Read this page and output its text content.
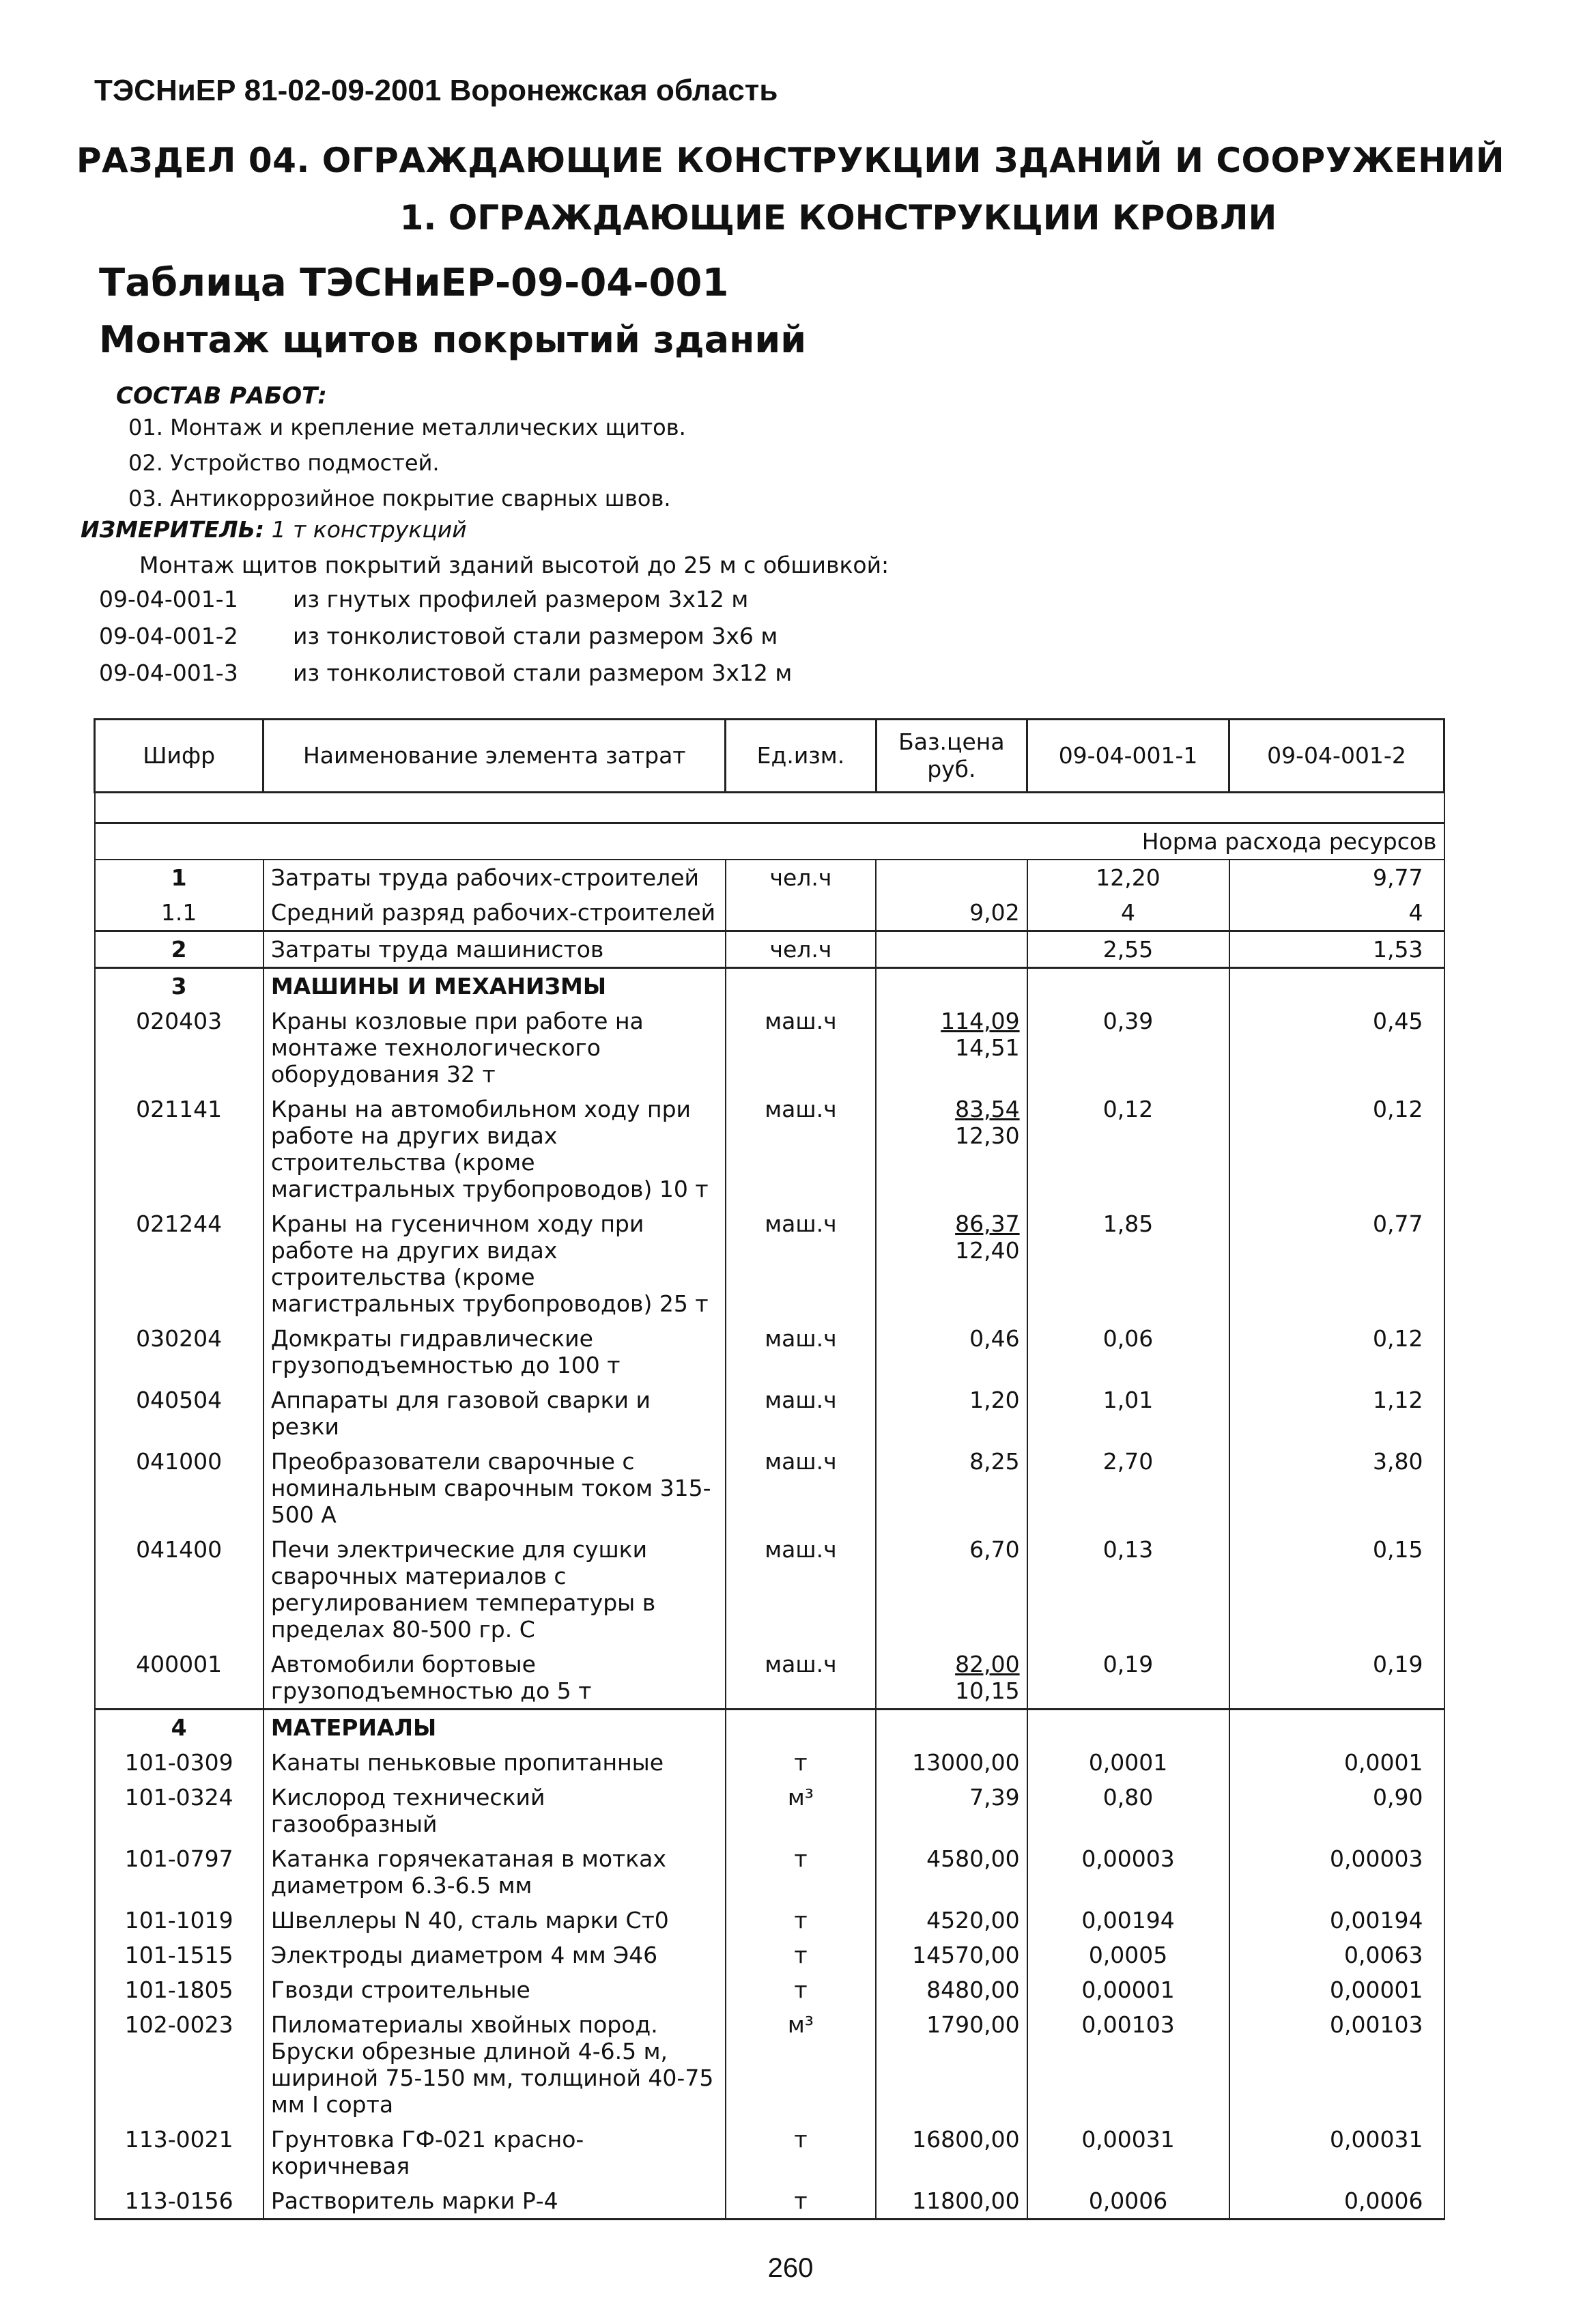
ТЭСНиЕР 81-02-09-2001 Воронежская область
РАЗДЕЛ 04. ОГРАЖДАЮЩИЕ КОНСТРУКЦИИ ЗДАНИЙ И СООРУЖЕНИЙ
1. ОГРАЖДАЮЩИЕ КОНСТРУКЦИИ КРОВЛИ
Таблица ТЭСНиЕР-09-04-001
Монтаж щитов покрытий зданий
СОСТАВ РАБОТ:
01. Монтаж и крепление металлических щитов.
02. Устройство подмостей.
03. Антикоррозийное покрытие сварных швов.
ИЗМЕРИТЕЛЬ: 1 т конструкций
Монтаж щитов покрытий зданий высотой до 25 м с обшивкой:
09-04-001-1	из гнутых профилей размером 3х12 м
09-04-001-2	из тонколистовой стали размером 3х6 м
09-04-001-3	из тонколистовой стали размером 3х12 м
Шифр	Наименование элемента затрат	Ед.изм.	Баз.цена руб.	09-04-001-1	09-04-001-2

Норма расхода ресурсов					
1	Затраты труда рабочих-строителей	чел.ч		12,20	9,77
1.1	Средний разряд рабочих-строителей		9,02	4	4
2	Затраты труда машинистов	чел.ч		2,55	1,53
3	МАШИНЫ И МЕХАНИЗМЫ		

020403	Краны козловые при работе на монтаже технологического оборудования 32 т	маш.ч	$\frac{114,09}{14,51}$	0,39	0,45
021141	Краны на автомобильном ходу при работе на других видах строительства (кроме магистральных трубопроводов) 10 т	маш.ч	$\frac{83,54}{12,30}$	0,12	0,12
021244	Краны на гусеничном ходу при работе на других видах строительства (кроме магистральных трубопроводов) 25 т	маш.ч	$\frac{86,37}{12,40}$	1,85	0,77
030204	Домкраты гидравлические грузоподъемностью до 100 т	маш.ч	0,46	0,06	0,12
040504	Аппараты для газовой сварки и резки	маш.ч	1,20	1,01	1,12
041000	Преобразователи сварочные с номинальным сварочным током 315-500 А	маш.ч	8,25	2,70	3,80
041400	Печи электрические для сушки сварочных материалов с регулированием температуры в пределах 80-500 гр. С	маш.ч	6,70	0,13	0,15
400001	Автомобили бортовые грузоподъемностью до 5 т	маш.ч	$\frac{82,00}{10,15}$	0,19	0,19
4	МАТЕРИАЛЫ		

101-0309	Канаты пеньковые пропитанные	т	13000,00	0,0001	0,0001
101-0324	Кислород технический газообразный	м³	7,39	0,80	0,90
101-0797	Катанка горячекатаная в мотках диаметром 6.3-6.5 мм	т	4580,00	0,00003	0,00003
101-1019	Швеллеры N 40, сталь марки Ст0	т	4520,00	0,00194	0,00194
101-1515	Электроды диаметром 4 мм Э46	т	14570,00	0,0005	0,0063
101-1805	Гвозди строительные	т	8480,00	0,00001	0,00001
102-0023	Пиломатериалы хвойных пород. Бруски обрезные длиной 4-6.5 м, шириной 75-150 мм, толщиной 40-75 мм I сорта	м³	1790,00	0,00103	0,00103
113-0021	Грунтовка ГФ-021 красно-коричневая	т	16800,00	0,00031	0,00031
113-0156	Растворитель марки Р-4	т	11800,00	0,0006	0,0006
260
